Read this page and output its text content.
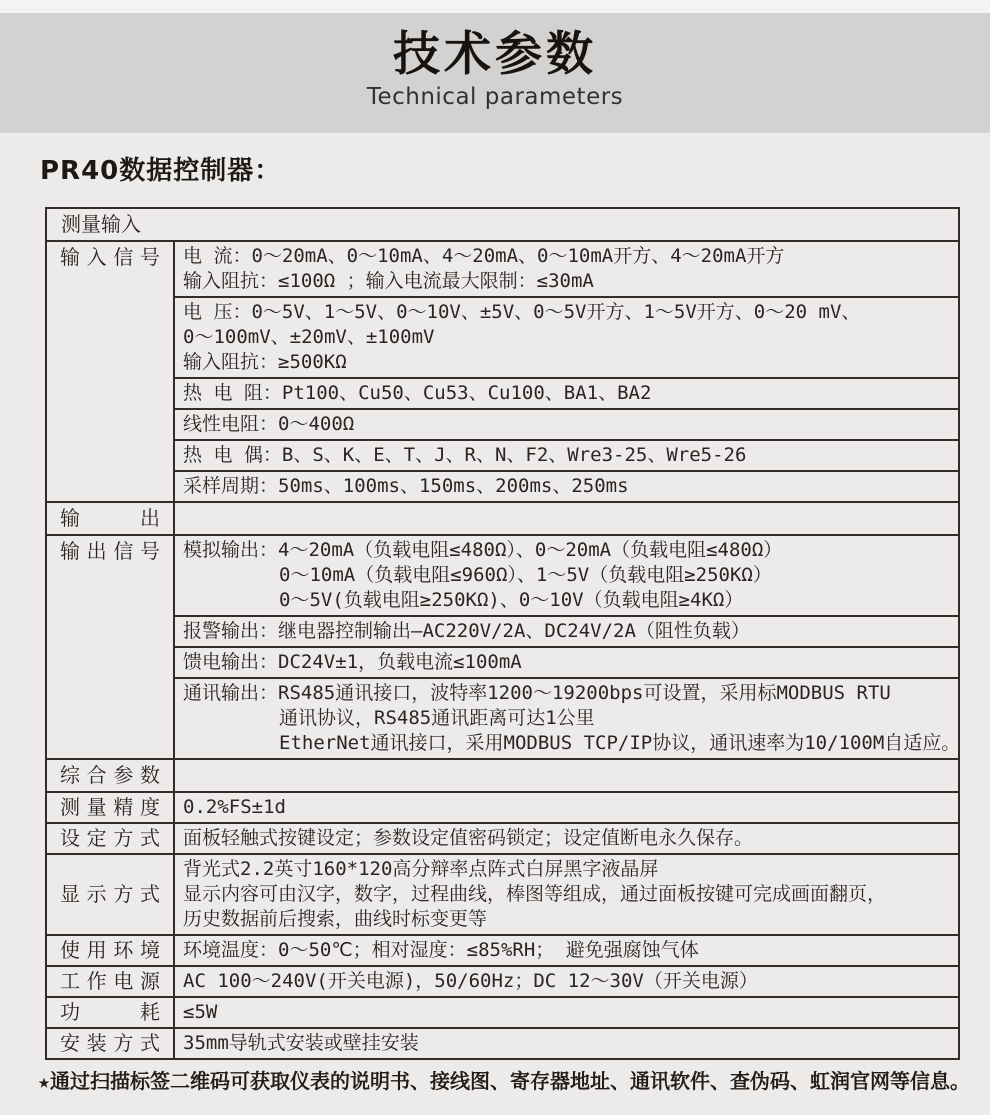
技术参数
Technical parameters
PR40数据控制器：
测量输入	
输入信号	电 流：0～20mA、0～10mA、4～20mA、0～10mA开方、4～20mA开方
输入阻抗：≤100Ω ；输入电流最大限制：≤30mA

	电 压：0～5V、1～5V、0～10V、±5V、0～5V开方、1～5V开方、0～20 mV、
0～100mV、±20mV、±100mV
输入阻抗：≥500KΩ

	热 电 阻：Pt100、Cu50、Cu53、Cu100、BA1、BA2

	线性电阻：0～400Ω

	热 电 偶：B、S、K、E、T、J、R、N、F2、Wre3-25、Wre5-26

	采样周期：50ms、100ms、150ms、200ms、250ms

输出	
输出信号	模拟输出：4～20mA（负载电阻≤480Ω）、0～20mA（负载电阻≤480Ω）
0～10mA（负载电阻≤960Ω）、1～5V（负载电阻≥250KΩ）
0～5V(负载电阻≥250KΩ)、0～10V（负载电阻≥4KΩ）

	报警输出：继电器控制输出—AC220V/2A、DC24V/2A（阻性负载）

	馈电输出：DC24V±1，负载电流≤100mA

	通讯输出：RS485通讯接口，波特率1200～19200bps可设置，采用标MODBUS RTU
通讯协议，RS485通讯距离可达1公里
EtherNet通讯接口，采用MODBUS TCP/IP协议，通讯速率为10/100M自适应。

综合参数	
测量精度	0.2%FS±1d

设定方式	面板轻触式按键设定；参数设定值密码锁定；设定值断电永久保存。

显示方式	背光式2.2英寸160*120高分辩率点阵式白屏黑字液晶屏
显示内容可由汉字，数字，过程曲线，棒图等组成，通过面板按键可完成画面翻页，
历史数据前后搜索，曲线时标变更等

使用环境	环境温度：0～50℃；相对湿度：≤85%RH； 避免强腐蚀气体

工作电源	AC 100～240V(开关电源)，50/60Hz；DC 12～30V（开关电源）

功耗	≤5W

安装方式	35mm导轨式安装或壁挂安装
★通过扫描标签二维码可获取仪表的说明书、接线图、寄存器地址、通讯软件、查伪码、虹润官网等信息。
